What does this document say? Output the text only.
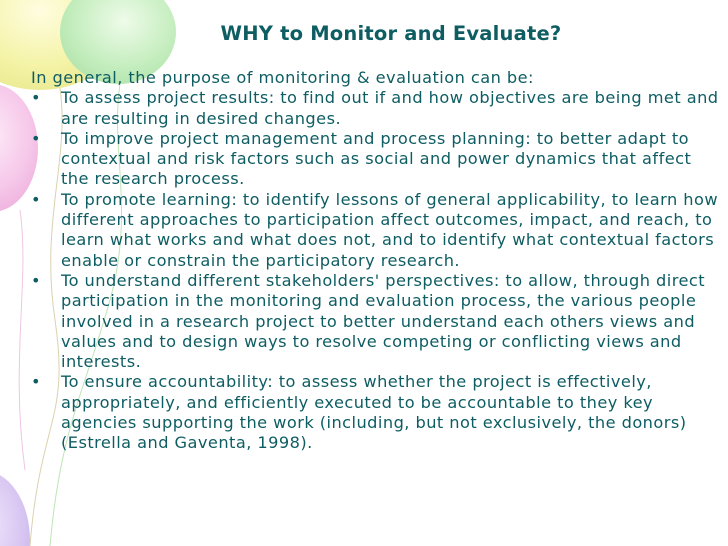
WHY to Monitor and Evaluate?

In general, the purpose of monitoring & evaluation can be:

• To assess project results: to find out if and how objectives are being met and are resulting in desired changes.
• To improve project management and process planning: to better adapt to contextual and risk factors such as social and power dynamics that affect the research process.
• To promote learning: to identify lessons of general applicability, to learn how different approaches to participation affect outcomes, impact, and reach, to learn what works and what does not, and to identify what contextual factors enable or constrain the participatory research.
• To understand different stakeholders' perspectives: to allow, through direct participation in the monitoring and evaluation process, the various people involved in a research project to better understand each others views and values and to design ways to resolve competing or conflicting views and interests.
• To ensure accountability: to assess whether the project is effectively, appropriately, and efficiently executed to be accountable to they key agencies supporting the work (including, but not exclusively, the donors) (Estrella and Gaventa, 1998).
